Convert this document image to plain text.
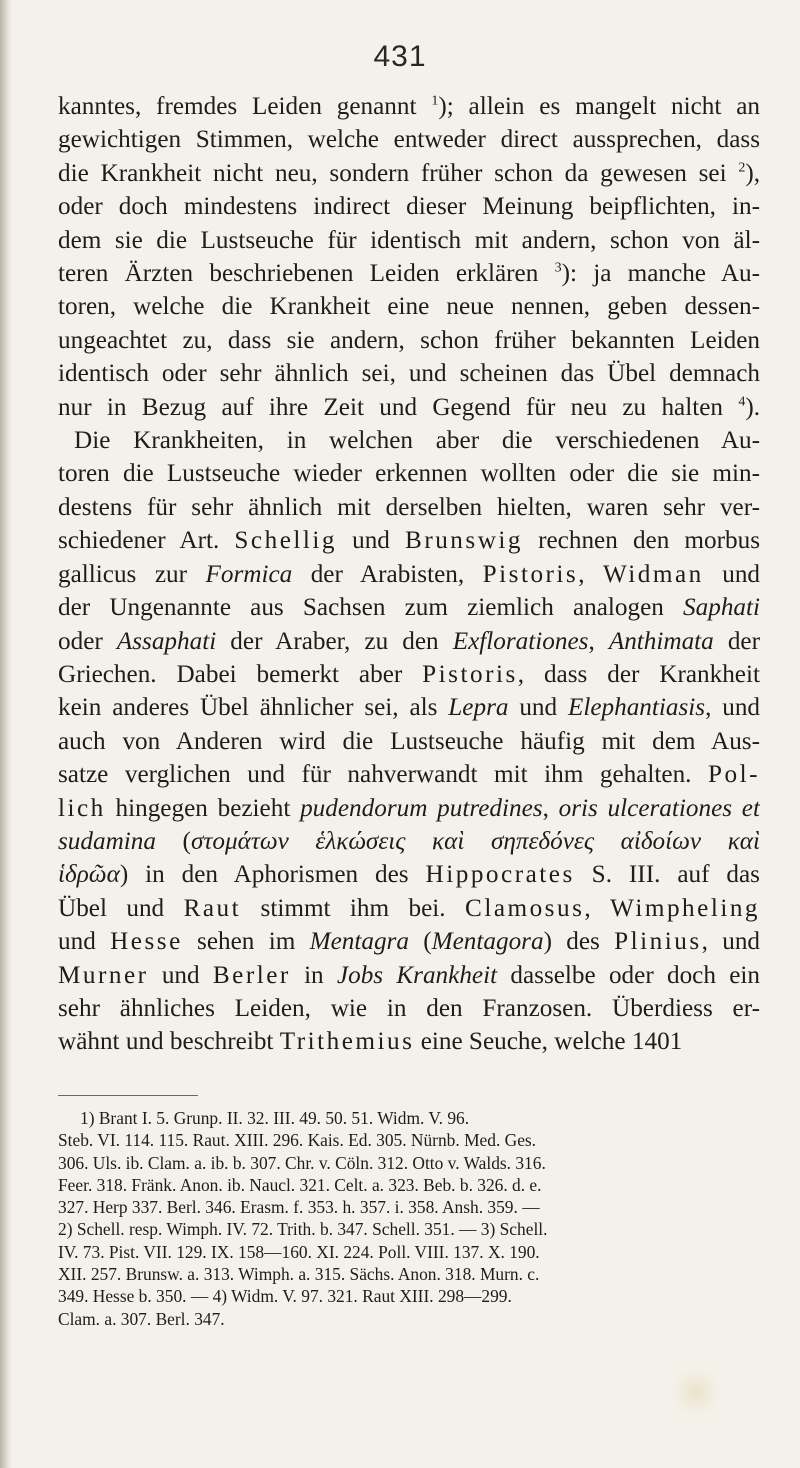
431
kanntes, fremdes Leiden genannt $^1$); allein es mangelt nicht an
gewichtigen Stimmen, welche entweder direct aussprechen, dass
die Krankheit nicht neu, sondern früher schon da gewesen sei $^2$),
oder doch mindestens indirect dieser Meinung beipflichten, in-
dem sie die Lustseuche für identisch mit andern, schon von äl-
teren Ärzten beschriebenen Leiden erklären $^3$): ja manche Au-
toren, welche die Krankheit eine neue nennen, geben dessen-
ungeachtet zu, dass sie andern, schon früher bekannten Leiden
identisch oder sehr ähnlich sei, und scheinen das Übel demnach
nur in Bezug auf ihre Zeit und Gegend für neu zu halten $^4$).
Die Krankheiten, in welchen aber die verschiedenen Au-
toren die Lustseuche wieder erkennen wollten oder die sie min-
destens für sehr ähnlich mit derselben hielten, waren sehr ver-
schiedener Art. Schellig und Brunswig rechnen den morbus
gallicus zur Formica der Arabisten, Pistoris, Widman und
der Ungenannte aus Sachsen zum ziemlich analogen Saphati
oder Assaphati der Araber, zu den Exflorationes, Anthimata der
Griechen. Dabei bemerkt aber Pistoris, dass der Krankheit
kein anderes Übel ähnlicher sei, als Lepra und Elephantiasis, und
auch von Anderen wird die Lustseuche häufig mit dem Aus-
satze verglichen und für nahverwandt mit ihm gehalten. Pol-
lich hingegen bezieht pudendorum putredines, oris ulcerationes et
sudamina (στομάτων ἑλκώσεις καὶ σηπεδόνες αἰδοίων καὶ
ἱδρῶα) in den Aphorismen des Hippocrates S. III. auf das
Übel und Raut stimmt ihm bei. Clamosus, Wimpheling
und Hesse sehen im Mentagra (Mentagora) des Plinius, und
Murner und Berler in Jobs Krankheit dasselbe oder doch ein
sehr ähnliches Leiden, wie in den Franzosen. Überdiess er-
wähnt und beschreibt Trithemius eine Seuche, welche 1401
1) Brant I. 5. Grunp. II. 32. III. 49. 50. 51. Widm. V. 96.
Steb. VI. 114. 115. Raut. XIII. 296. Kais. Ed. 305. Nürnb. Med. Ges.
306. Uls. ib. Clam. a. ib. b. 307. Chr. v. Cöln. 312. Otto v. Walds. 316.
Feer. 318. Fränk. Anon. ib. Naucl. 321. Celt. a. 323. Beb. b. 326. d. e.
327. Herp 337. Berl. 346. Erasm. f. 353. h. 357. i. 358. Ansh. 359. —
2) Schell. resp. Wimph. IV. 72. Trith. b. 347. Schell. 351. — 3) Schell.
IV. 73. Pist. VII. 129. IX. 158—160. XI. 224. Poll. VIII. 137. X. 190.
XII. 257. Brunsw. a. 313. Wimph. a. 315. Sächs. Anon. 318. Murn. c.
349. Hesse b. 350. — 4) Widm. V. 97. 321. Raut XIII. 298—299.
Clam. a. 307. Berl. 347.
